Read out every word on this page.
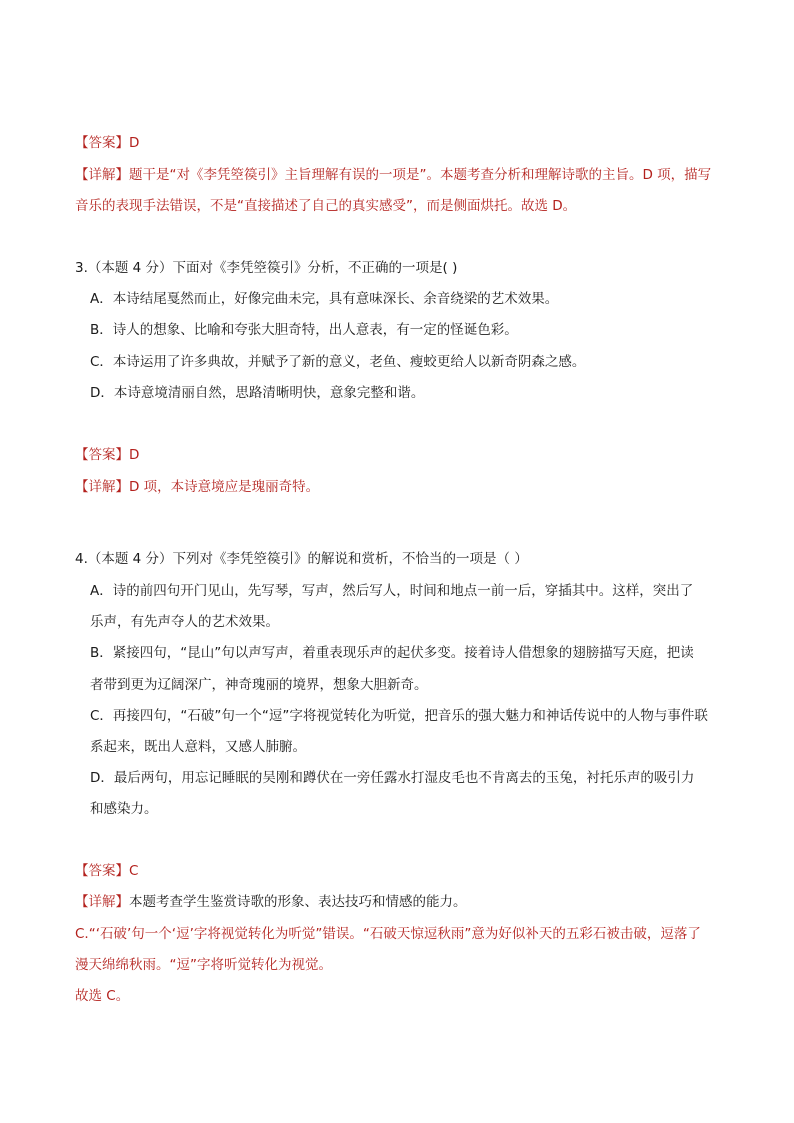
【答案】D
【详解】题干是“对《李凭箜篌引》主旨理解有误的一项是”。本题考查分析和理解诗歌的主旨。D 项，描写
音乐的表现手法错误，不是“直接描述了自己的真实感受”，而是侧面烘托。故选 D。
3.（本题 4 分）下面对《李凭箜篌引》分析，不正确的一项是( )
A．本诗结尾戛然而止，好像完曲未完，具有意味深长、余音绕梁的艺术效果。
B．诗人的想象、比喻和夸张大胆奇特，出人意表，有一定的怪诞色彩。
C．本诗运用了许多典故，并赋予了新的意义，老鱼、瘦蛟更给人以新奇阴森之感。
D．本诗意境清丽自然，思路清晰明快，意象完整和谐。
【答案】D
【详解】D 项，本诗意境应是瑰丽奇特。
4.（本题 4 分）下列对《李凭箜篌引》的解说和赏析，不恰当的一项是（ ）
A．诗的前四句开门见山，先写琴，写声，然后写人，时间和地点一前一后，穿插其中。这样，突出了
乐声，有先声夺人的艺术效果。
B．紧接四句，“昆山”句以声写声，着重表现乐声的起伏多变。接着诗人借想象的翅膀描写天庭，把读
者带到更为辽阔深广，神奇瑰丽的境界，想象大胆新奇。
C．再接四句，“石破”句一个“逗”字将视觉转化为听觉，把音乐的强大魅力和神话传说中的人物与事件联
系起来，既出人意料，又感人肺腑。
D．最后两句，用忘记睡眠的吴刚和蹲伏在一旁任露水打湿皮毛也不肯离去的玉兔，衬托乐声的吸引力
和感染力。
【答案】C
【详解】本题考查学生鉴赏诗歌的形象、表达技巧和情感的能力。
C.“‘石破’句一个‘逗’字将视觉转化为听觉”错误。“石破天惊逗秋雨”意为好似补天的五彩石被击破，逗落了
漫天绵绵秋雨。“逗”字将听觉转化为视觉。
故选 C。
